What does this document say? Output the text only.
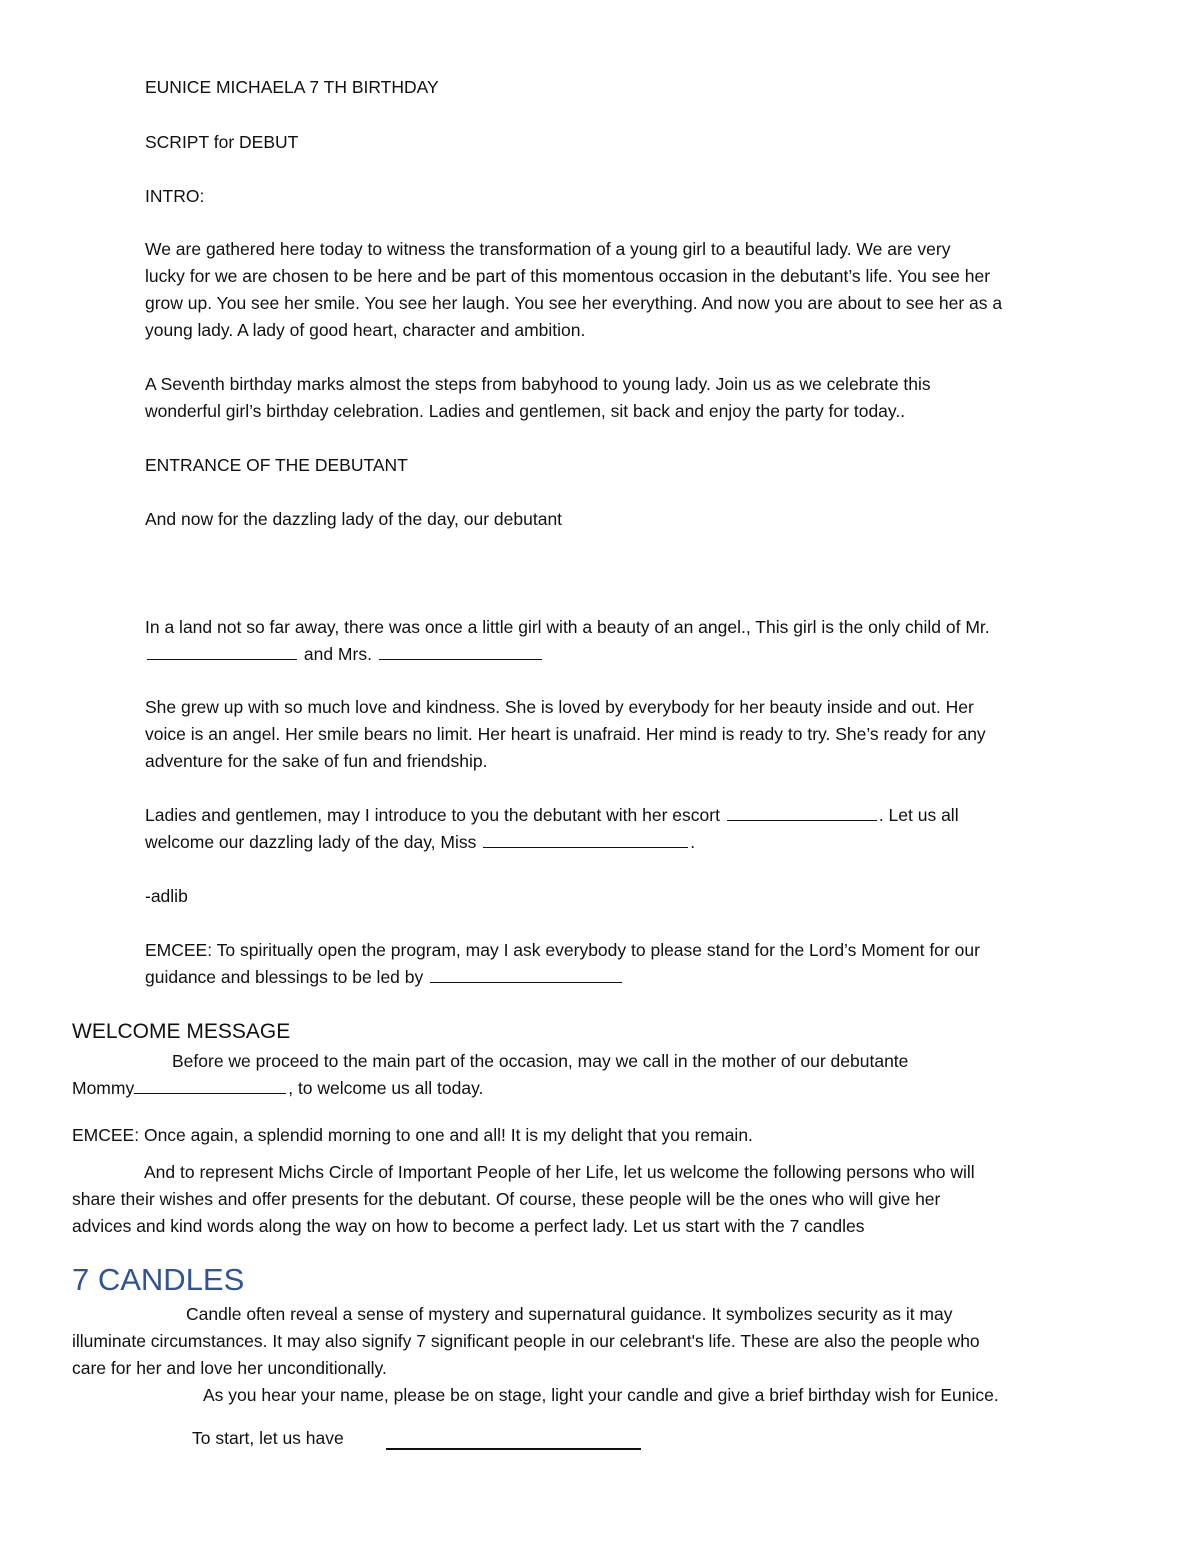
EUNICE MICHAELA 7 TH BIRTHDAY

SCRIPT for DEBUT

INTRO:

We are gathered here today to witness the transformation of a young girl to a beautiful lady. We are very

lucky for we are chosen to be here and be part of this momentous occasion in the debutant’s life. You see her

grow up. You see her smile. You see her laugh. You see her everything. And now you are about to see her as a

young lady. A lady of good heart, character and ambition.

A Seventh birthday marks almost the steps from babyhood to young lady. Join us as we celebrate this

wonderful girl’s birthday celebration. Ladies and gentlemen, sit back and enjoy the party for today..

ENTRANCE OF THE DEBUTANT

And now for the dazzling lady of the day, our debutant

In a land not so far away, there was once a little girl with a beauty of an angel., This girl is the only child of Mr.

and Mrs.

She grew up with so much love and kindness. She is loved by everybody for her beauty inside and out. Her

voice is an angel. Her smile bears no limit. Her heart is unafraid. Her mind is ready to try. She’s ready for any

adventure for the sake of fun and friendship.

Ladies and gentlemen, may I introduce to you the debutant with her escort	. Let us all

welcome our dazzling lady of the day, Miss	.

-adlib

EMCEE: To spiritually open the program, may I ask everybody to please stand for the Lord’s Moment for our

guidance and blessings to be led by

WELCOME MESSAGE

Before we proceed to the main part of the occasion, may we call in the mother of our debutante

Mommy	, to welcome us all today.

EMCEE: Once again, a splendid morning to one and all! It is my delight that you remain.

And to represent Michs Circle of Important People of her Life, let us welcome the following persons who will

share their wishes and offer presents for the debutant. Of course, these people will be the ones who will give her

advices and kind words along the way on how to become a perfect lady. Let us start with the 7 candles

7 CANDLES

Candle often reveal a sense of mystery and supernatural guidance. It symbolizes security as it may

illuminate circumstances. It may also signify 7 significant people in our celebrant's life. These are also the people who

care for her and love her unconditionally.

As you hear your name, please be on stage, light your candle and give a brief birthday wish for Eunice.

To start, let us have
